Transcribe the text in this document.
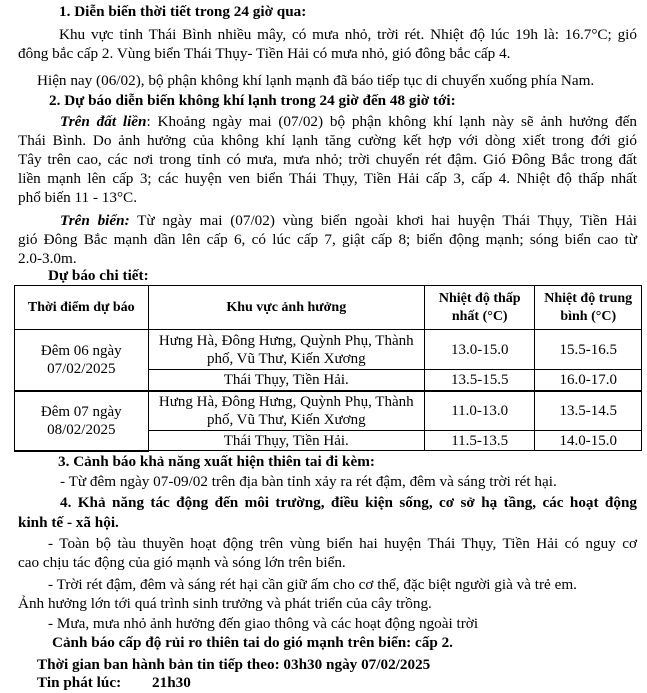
1. Diễn biến thời tiết trong 24 giờ qua:
Khu vực tỉnh Thái Bình nhiều mây, có mưa nhỏ, trời rét. Nhiệt độ lúc 19h là: 16.7°C; gió
đông bắc cấp 2. Vùng biển Thái Thụy- Tiền Hải có mưa nhỏ, gió đông bắc cấp 4.
Hiện nay (06/02), bộ phận không khí lạnh mạnh đã báo tiếp tục di chuyển xuống phía Nam.
2. Dự báo diễn biến không khí lạnh trong 24 giờ đến 48 giờ tới:
Trên đất liền: Khoảng ngày mai (07/02) bộ phận không khí lạnh này sẽ ảnh hưởng đến
Thái Bình. Do ảnh hưởng của không khí lạnh tăng cường kết hợp với dòng xiết trong đới gió
Tây trên cao, các nơi trong tỉnh có mưa, mưa nhỏ; trời chuyển rét đậm. Gió Đông Bắc trong đất
liền mạnh lên cấp 3; các huyện ven biển Thái Thụy, Tiền Hải cấp 3, cấp 4. Nhiệt độ thấp nhất
phổ biến 11 - 13°C.
Trên biển: Từ ngày mai (07/02) vùng biển ngoài khơi hai huyện Thái Thụy, Tiền Hải
gió Đông Bắc mạnh dần lên cấp 6, có lúc cấp 7, giật cấp 8; biển động mạnh; sóng biển cao từ
2.0-3.0m.
Dự báo chi tiết:
Thời điểm dự báo	Khu vực ảnh hưởng	Nhiệt độ thấp nhất (°C)	Nhiệt độ trung bình (°C)
Đêm 06 ngày 07/02/2025	Hưng Hà, Đông Hưng, Quỳnh Phụ, Thành phố, Vũ Thư, Kiến Xương	13.0-15.0	15.5-16.5
	Thái Thụy, Tiền Hải.	13.5-15.5	16.0-17.0
Đêm 07 ngày 08/02/2025	Hưng Hà, Đông Hưng, Quỳnh Phụ, Thành phố, Vũ Thư, Kiến Xương	11.0-13.0	13.5-14.5
	Thái Thụy, Tiền Hải.	11.5-13.5	14.0-15.0
3. Cảnh báo khả năng xuất hiện thiên tai đi kèm:
- Từ đêm ngày 07-09/02 trên địa bàn tỉnh xảy ra rét đậm, đêm và sáng trời rét hại.
4. Khả năng tác động đến môi trường, điều kiện sống, cơ sở hạ tầng, các hoạt động
kinh tế - xã hội.
- Toàn bộ tàu thuyền hoạt động trên vùng biển hai huyện Thái Thụy, Tiền Hải có nguy cơ
cao chịu tác động của gió mạnh và sóng lớn trên biển.
- Trời rét đậm, đêm và sáng rét hại cần giữ ấm cho cơ thể, đặc biệt người già và trẻ em.
Ảnh hưởng lớn tới quá trình sinh trưởng và phát triển của cây trồng.
- Mưa, mưa nhỏ ảnh hưởng đến giao thông và các hoạt động ngoài trời
Cảnh báo cấp độ rủi ro thiên tai do gió mạnh trên biển: cấp 2.
Thời gian ban hành bản tin tiếp theo: 03h30 ngày 07/02/2025
Tin phát lúc: 21h30
